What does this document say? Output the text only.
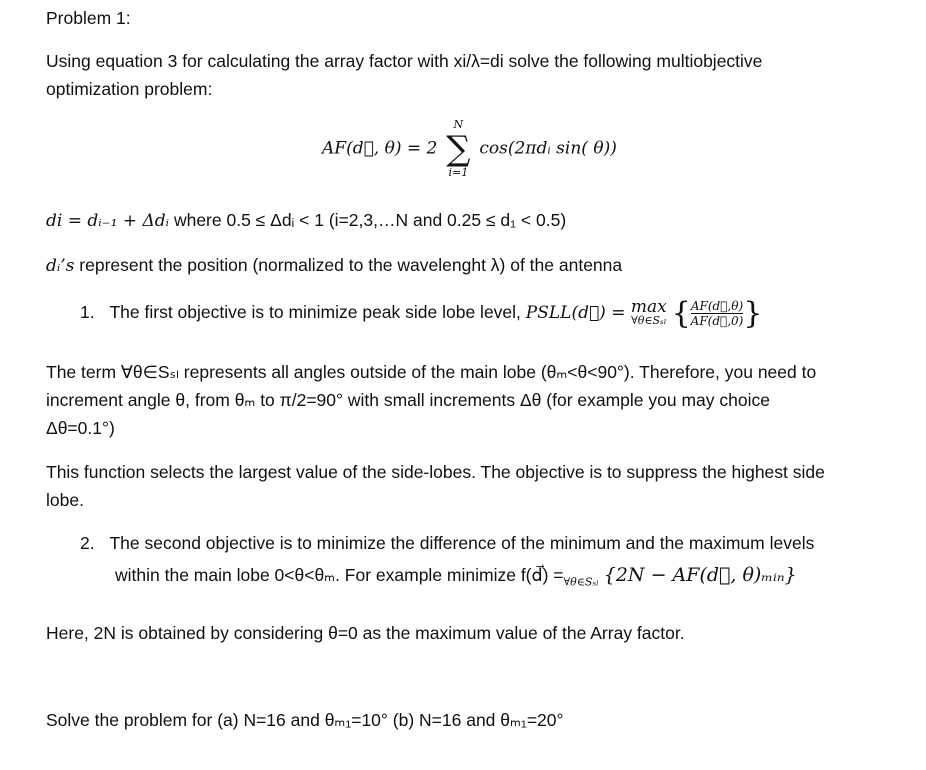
Problem 1:
Using equation 3 for calculating the array factor with xi/λ=di solve the following multiobjective
optimization problem:
AF(d⃗, θ) = 2
N
∑
i=1
cos(2πdᵢ sin( θ))
di = dᵢ₋₁ + Δdᵢ where 0.5 ≤ Δdᵢ < 1 (i=2,3,…N and 0.25 ≤ d₁ < 0.5)
dᵢ’s represent the position (normalized to the wavelenght λ) of the antenna
1. The first objective is to minimize peak side lobe level, PSLL(d⃗) = max
∀θ∈Sₛₗ { $\frac{AF(d⃗,\theta)}{AF(d⃗,0)}$ }
The term ∀θ∈Sₛₗ represents all angles outside of the main lobe (θₘ<θ<90°). Therefore, you need to
increment angle θ, from θₘ to π/2=90° with small increments Δθ (for example you may choice
Δθ=0.1°)
This function selects the largest value of the side-lobes. The objective is to suppress the highest side
lobe.
2. The second objective is to minimize the difference of the minimum and the maximum levels
within the main lobe 0<θ<θₘ. For example minimize f(d⃗) $=_{\forall\theta\in S_{sl}}$ {2N − AF(d⃗, θ)ₘᵢₙ}
Here, 2N is obtained by considering θ=0 as the maximum value of the Array factor.
Solve the problem for (a) N=16 and θₘ₁=10° (b) N=16 and θₘ₁=20°
